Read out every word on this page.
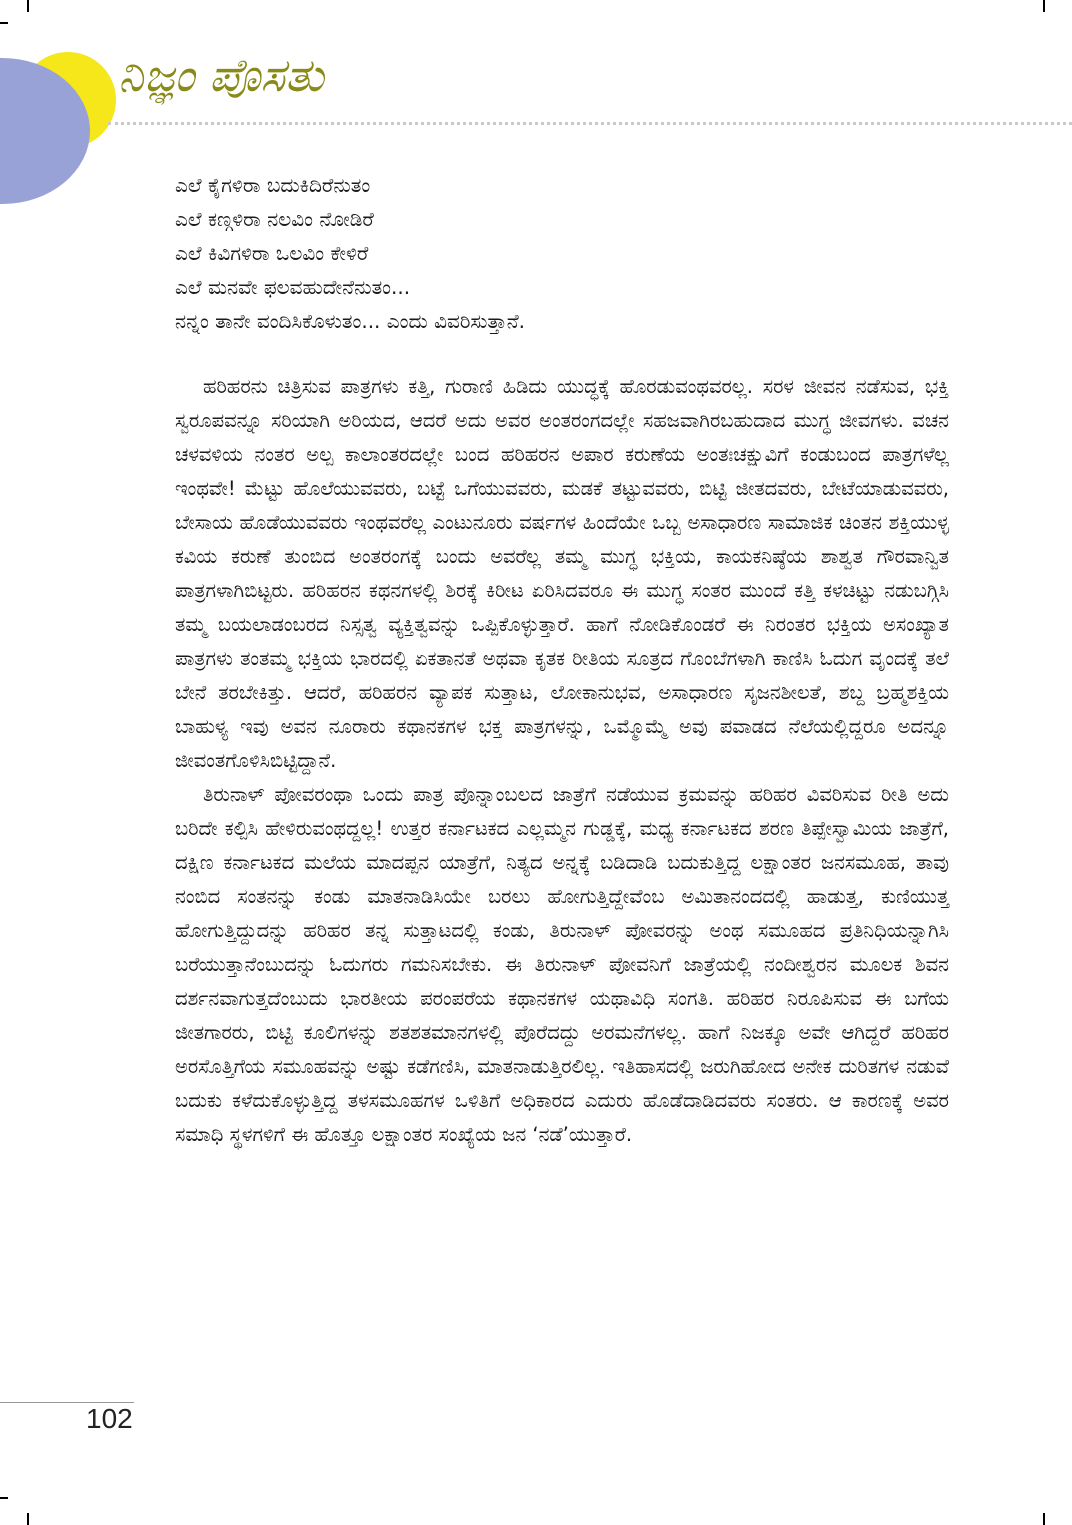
ನಿಜ್ಞಂ ಪೊಸತು
ಎಲೆ ಕೈಗಳಿರಾ ಬದುಕಿದಿರೆನುತಂ
ಎಲೆ ಕಣ್ಗಳಿರಾ ನಲವಿಂ ನೋಡಿರೆ
ಎಲೆ ಕಿವಿಗಳಿರಾ ಒಲವಿಂ ಕೇಳಿರೆ
ಎಲೆ ಮನವೇ ಫಲವಹುದೇನೆನುತಂ...
ನನ್ನಂ ತಾನೇ ವಂದಿಸಿಕೊಳುತಂ... ಎಂದು ವಿವರಿಸುತ್ತಾನೆ.

ಹರಿಹರನು ಚಿತ್ರಿಸುವ ಪಾತ್ರಗಳು ಕತ್ತಿ, ಗುರಾಣಿ ಹಿಡಿದು ಯುದ್ಧಕ್ಕೆ ಹೊರಡುವಂಥವರಲ್ಲ. ಸರಳ ಜೀವನ ನಡೆಸುವ, ಭಕ್ತಿ ಸ್ವರೂಪವನ್ನೂ ಸರಿಯಾಗಿ ಅರಿಯದ, ಆದರೆ ಅದು ಅವರ ಅಂತರಂಗದಲ್ಲೇ ಸಹಜವಾಗಿರಬಹುದಾದ ಮುಗ್ಧ ಜೀವಗಳು. ವಚನ ಚಳವಳಿಯ ನಂತರ ಅಲ್ಪ ಕಾಲಾಂತರದಲ್ಲೇ ಬಂದ ಹರಿಹರನ ಅಪಾರ ಕರುಣೆಯ ಅಂತಃಚಕ್ಷುವಿಗೆ ಕಂಡುಬಂದ ಪಾತ್ರಗಳೆಲ್ಲ ಇಂಥವೇ! ಮೆಟ್ಟು ಹೊಲೆಯುವವರು, ಬಟ್ಟೆ ಒಗೆಯುವವರು, ಮಡಕೆ ತಟ್ಟುವವರು, ಬಿಟ್ಟಿ ಜೀತದವರು, ಬೇಟೆಯಾಡುವವರು, ಬೇಸಾಯ ಹೊಡೆಯುವವರು ಇಂಥವರೆಲ್ಲ ಎಂಟುನೂರು ವರ್ಷಗಳ ಹಿಂದೆಯೇ ಒಬ್ಬ ಅಸಾಧಾರಣ ಸಾಮಾಜಿಕ ಚಿಂತನ ಶಕ್ತಿಯುಳ್ಳ ಕವಿಯ ಕರುಣೆ ತುಂಬಿದ ಅಂತರಂಗಕ್ಕೆ ಬಂದು ಅವರೆಲ್ಲ ತಮ್ಮ ಮುಗ್ಧ ಭಕ್ತಿಯ, ಕಾಯಕನಿಷ್ಠೆಯ ಶಾಶ್ವತ ಗೌರವಾನ್ವಿತ ಪಾತ್ರಗಳಾಗಿಬಿಟ್ಟರು. ಹರಿಹರನ ಕಥನಗಳಲ್ಲಿ ಶಿರಕ್ಕೆ ಕಿರೀಟ ಏರಿಸಿದವರೂ ಈ ಮುಗ್ಧ ಸಂತರ ಮುಂದೆ ಕತ್ತಿ ಕಳಚಿಟ್ಟು ನಡುಬಗ್ಗಿಸಿ ತಮ್ಮ ಬಯಲಾಡಂಬರದ ನಿಸ್ಸತ್ವ ವ್ಯಕ್ತಿತ್ವವನ್ನು ಒಪ್ಪಿಕೊಳ್ಳುತ್ತಾರೆ. ಹಾಗೆ ನೋಡಿಕೊಂಡರೆ ಈ ನಿರಂತರ ಭಕ್ತಿಯ ಅಸಂಖ್ಯಾತ ಪಾತ್ರಗಳು ತಂತಮ್ಮ ಭಕ್ತಿಯ ಭಾರದಲ್ಲಿ ಏಕತಾನತೆ ಅಥವಾ ಕೃತಕ ರೀತಿಯ ಸೂತ್ರದ ಗೊಂಬೆಗಳಾಗಿ ಕಾಣಿಸಿ ಓದುಗ ವೃಂದಕ್ಕೆ ತಲೆ ಬೇನೆ ತರಬೇಕಿತ್ತು. ಆದರೆ, ಹರಿಹರನ ವ್ಯಾಪಕ ಸುತ್ತಾಟ, ಲೋಕಾನುಭವ, ಅಸಾಧಾರಣ ಸೃಜನಶೀಲತೆ, ಶಬ್ದ ಬ್ರಹ್ಮಶಕ್ತಿಯ ಬಾಹುಳ್ಯ ಇವು ಅವನ ನೂರಾರು ಕಥಾನಕಗಳ ಭಕ್ತ ಪಾತ್ರಗಳನ್ನು, ಒಮ್ಮೊಮ್ಮೆ ಅವು ಪವಾಡದ ನೆಲೆಯಲ್ಲಿದ್ದರೂ ಅದನ್ನೂ ಜೀವಂತಗೊಳಿಸಿಬಿಟ್ಟಿದ್ದಾನೆ.

ತಿರುನಾಳ್ ಪೋವರಂಥಾ ಒಂದು ಪಾತ್ರ ಪೊನ್ನಾಂಬಲದ ಜಾತ್ರೆಗೆ ನಡೆಯುವ ಕ್ರಮವನ್ನು ಹರಿಹರ ವಿವರಿಸುವ ರೀತಿ ಅದು ಬರಿದೇ ಕಲ್ಪಿಸಿ ಹೇಳಿರುವಂಥದ್ದಲ್ಲ! ಉತ್ತರ ಕರ್ನಾಟಕದ ಎಲ್ಲಮ್ಮನ ಗುಡ್ಡಕ್ಕೆ, ಮಧ್ಯ ಕರ್ನಾಟಕದ ಶರಣ ತಿಪ್ಪೇಸ್ವಾಮಿಯ ಜಾತ್ರೆಗೆ, ದಕ್ಷಿಣ ಕರ್ನಾಟಕದ ಮಲೆಯ ಮಾದಪ್ಪನ ಯಾತ್ರೆಗೆ, ನಿತ್ಯದ ಅನ್ನಕ್ಕೆ ಬಡಿದಾಡಿ ಬದುಕುತ್ತಿದ್ದ ಲಕ್ಷಾಂತರ ಜನಸಮೂಹ, ತಾವು ನಂಬಿದ ಸಂತನನ್ನು ಕಂಡು ಮಾತನಾಡಿಸಿಯೇ ಬರಲು ಹೋಗುತ್ತಿದ್ದೇವೆಂಬ ಅಮಿತಾನಂದದಲ್ಲಿ ಹಾಡುತ್ತ, ಕುಣಿಯುತ್ತ ಹೋಗುತ್ತಿದ್ದುದನ್ನು ಹರಿಹರ ತನ್ನ ಸುತ್ತಾಟದಲ್ಲಿ ಕಂಡು, ತಿರುನಾಳ್ ಪೋವರನ್ನು ಅಂಥ ಸಮೂಹದ ಪ್ರತಿನಿಧಿಯನ್ನಾಗಿಸಿ ಬರೆಯುತ್ತಾನೆಂಬುದನ್ನು ಓದುಗರು ಗಮನಿಸಬೇಕು. ಈ ತಿರುನಾಳ್ ಪೋವನಿಗೆ ಜಾತ್ರೆಯಲ್ಲಿ ನಂದೀಶ್ವರನ ಮೂಲಕ ಶಿವನ ದರ್ಶನವಾಗುತ್ತದೆಂಬುದು ಭಾರತೀಯ ಪರಂಪರೆಯ ಕಥಾನಕಗಳ ಯಥಾವಿಧಿ ಸಂಗತಿ. ಹರಿಹರ ನಿರೂಪಿಸುವ ಈ ಬಗೆಯ ಜೀತಗಾರರು, ಬಿಟ್ಟಿ ಕೂಲಿಗಳನ್ನು ಶತಶತಮಾನಗಳಲ್ಲಿ ಪೊರೆದದ್ದು ಅರಮನೆಗಳಲ್ಲ. ಹಾಗೆ ನಿಜಕ್ಕೂ ಅವೇ ಆಗಿದ್ದರೆ ಹರಿಹರ ಅರಸೊತ್ತಿಗೆಯ ಸಮೂಹವನ್ನು ಅಷ್ಟು ಕಡೆಗಣಿಸಿ, ಮಾತನಾಡುತ್ತಿರಲಿಲ್ಲ. ಇತಿಹಾಸದಲ್ಲಿ ಜರುಗಿಹೋದ ಅನೇಕ ದುರಿತಗಳ ನಡುವೆ ಬದುಕು ಕಳೆದುಕೊಳ್ಳುತ್ತಿದ್ದ ತಳಸಮೂಹಗಳ ಒಳಿತಿಗೆ ಅಧಿಕಾರದ ಎದುರು ಹೊಡೆದಾಡಿದವರು ಸಂತರು. ಆ ಕಾರಣಕ್ಕೆ ಅವರ ಸಮಾಧಿ ಸ್ಥಳಗಳಿಗೆ ಈ ಹೊತ್ತೂ ಲಕ್ಷಾಂತರ ಸಂಖ್ಯೆಯ ಜನ ‘ನಡೆ’ಯುತ್ತಾರೆ.

102
